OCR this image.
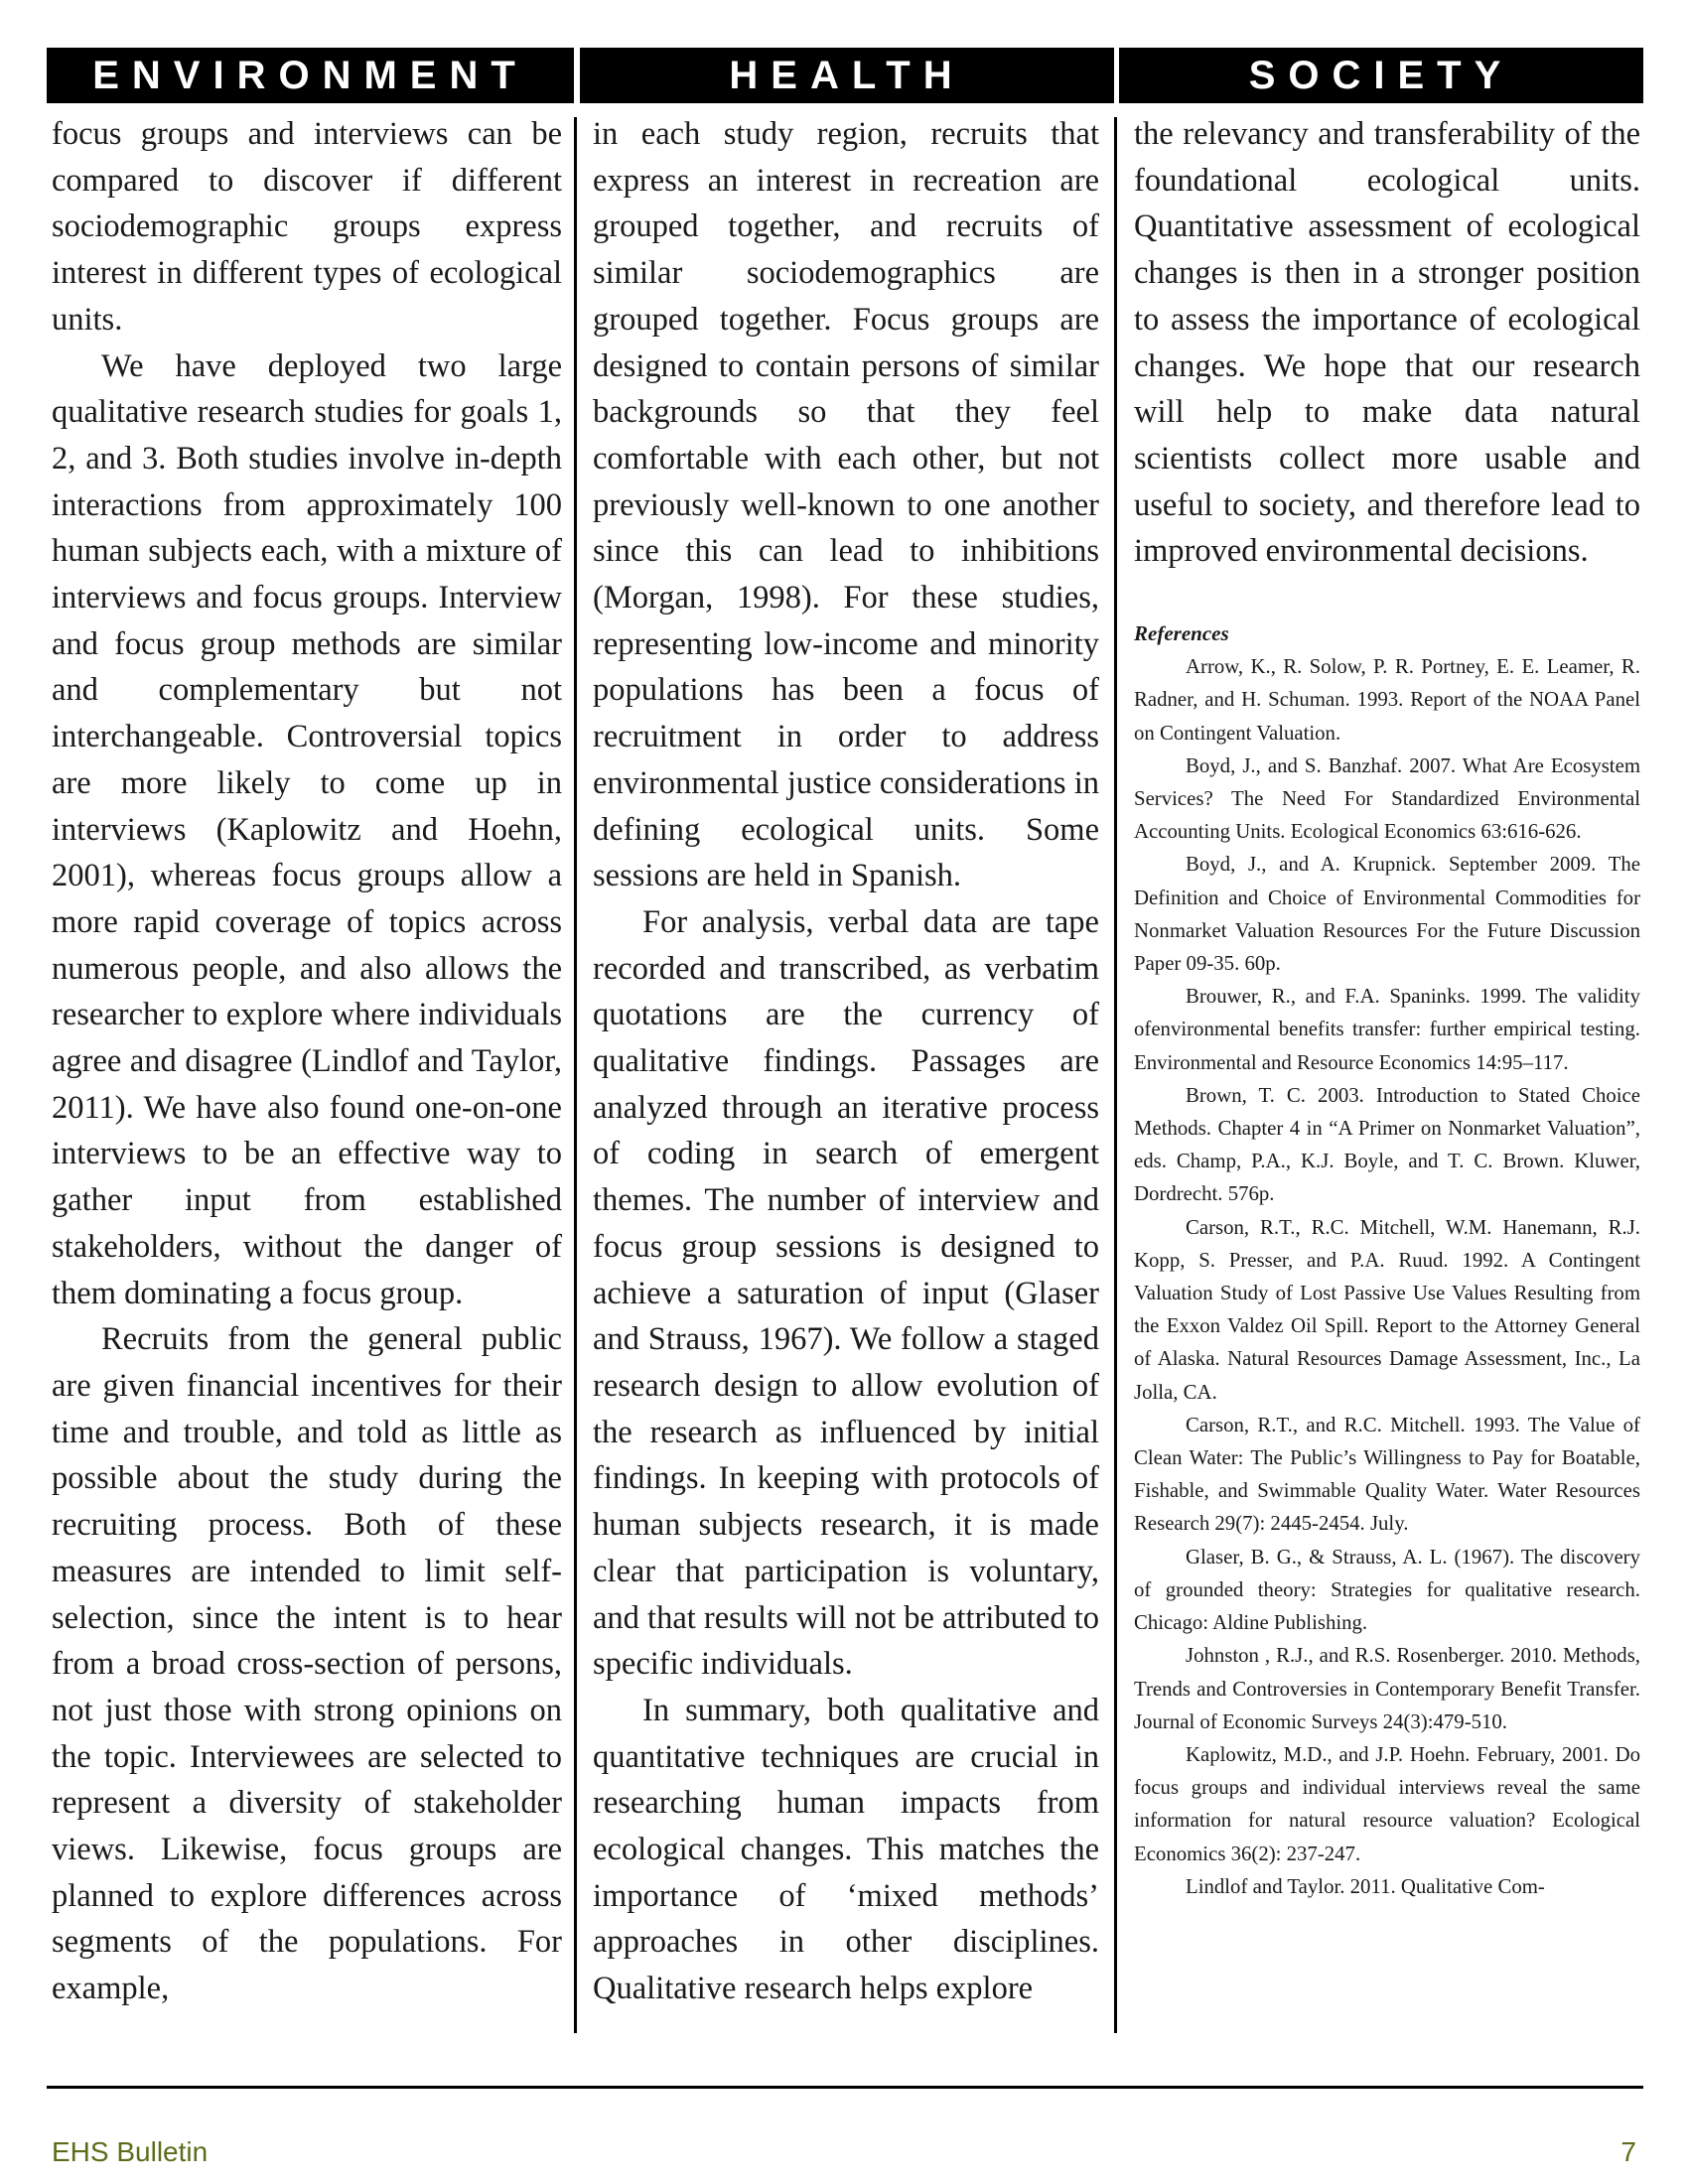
ENVIRONMENT	HEALTH	SOCIETY

focus groups and interviews can be compared to discover if different sociodemographic groups express interest in different types of ecological units.

We have deployed two large qualitative research studies for goals 1, 2, and 3. Both studies involve in-depth interactions from approximately 100 human subjects each, with a mixture of interviews and focus groups. Interview and focus group methods are similar and complementary but not interchangeable. Controversial topics are more likely to come up in interviews (Kaplowitz and Hoehn, 2001), whereas focus groups allow a more rapid coverage of topics across numerous people, and also allows the researcher to explore where individuals agree and disagree (Lindlof and Taylor, 2011). We have also found one-on-one interviews to be an effective way to gather input from established stakeholders, without the danger of them dominating a focus group.

Recruits from the general public are given financial incentives for their time and trouble, and told as little as possible about the study during the recruiting process. Both of these measures are intended to limit self-selection, since the intent is to hear from a broad cross-section of persons, not just those with strong opinions on the topic. Interviewees are selected to represent a diversity of stakeholder views. Likewise, focus groups are planned to explore differences across segments of the populations. For example,

in each study region, recruits that express an interest in recreation are grouped together, and recruits of similar sociodemographics are grouped together. Focus groups are designed to contain persons of similar backgrounds so that they feel comfortable with each other, but not previously well-known to one another since this can lead to inhibitions (Morgan, 1998). For these studies, representing low-income and minority populations has been a focus of recruitment in order to address environmental justice considerations in defining ecological units. Some sessions are held in Spanish.

For analysis, verbal data are tape recorded and transcribed, as verbatim quotations are the currency of qualitative findings. Passages are analyzed through an iterative process of coding in search of emergent themes. The number of interview and focus group sessions is designed to achieve a saturation of input (Glaser and Strauss, 1967). We follow a staged research design to allow evolution of the research as influenced by initial findings. In keeping with protocols of human subjects research, it is made clear that participation is voluntary, and that results will not be attributed to specific individuals.

In summary, both qualitative and quantitative techniques are crucial in researching human impacts from ecological changes. This matches the importance of ‘mixed methods’ approaches in other disciplines. Qualitative research helps explore

the relevancy and transferability of the foundational ecological units. Quantitative assessment of ecological changes is then in a stronger position to assess the importance of ecological changes. We hope that our research will help to make data natural scientists collect more usable and useful to society, and therefore lead to improved environmental decisions.

References

Arrow, K., R. Solow, P. R. Portney, E. E. Leamer, R. Radner, and H. Schuman. 1993. Report of the NOAA Panel on Contingent Valuation.

Boyd, J., and S. Banzhaf. 2007. What Are Ecosystem Services? The Need For Standardized Environmental Accounting Units. Ecological Economics 63:616-626.

Boyd, J., and A. Krupnick. September 2009. The Definition and Choice of Environmental Commodities for Nonmarket Valuation Resources For the Future Discussion Paper 09-35. 60p.

Brouwer, R., and F.A. Spaninks. 1999. The validity ofenvironmental benefits transfer: further empirical testing. Environmental and Resource Economics 14:95–117.

Brown, T. C. 2003. Introduction to Stated Choice Methods. Chapter 4 in “A Primer on Nonmarket Valuation”, eds. Champ, P.A., K.J. Boyle, and T. C. Brown. Kluwer, Dordrecht. 576p.

Carson, R.T., R.C. Mitchell, W.M. Hanemann, R.J. Kopp, S. Presser, and P.A. Ruud. 1992. A Contingent Valuation Study of Lost Passive Use Values Resulting from the Exxon Valdez Oil Spill. Report to the Attorney General of Alaska. Natural Resources Damage Assessment, Inc., La Jolla, CA.

Carson, R.T., and R.C. Mitchell. 1993. The Value of Clean Water: The Public’s Willingness to Pay for Boatable, Fishable, and Swimmable Quality Water. Water Resources Research 29(7): 2445-2454. July.

Glaser, B. G., & Strauss, A. L. (1967). The discovery of grounded theory: Strategies for qualitative research. Chicago: Aldine Publishing.

Johnston , R.J., and R.S. Rosenberger. 2010. Methods, Trends and Controversies in Contemporary Benefit Transfer. Journal of Economic Surveys 24(3):479-510.

Kaplowitz, M.D., and J.P. Hoehn. February, 2001. Do focus groups and individual interviews reveal the same information for natural resource valuation? Ecological Economics 36(2): 237-247.

Lindlof and Taylor. 2011. Qualitative Com-

EHS Bulletin	7
